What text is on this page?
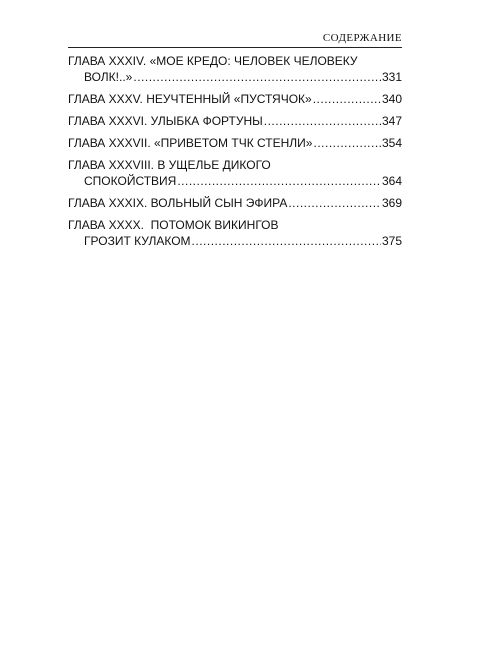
СОДЕРЖАНИЕ
ГЛАВА XXXIV. «МОЕ КРЕДО: ЧЕЛОВЕК ЧЕЛОВЕКУ
ВОЛК!..» .....	331
ГЛАВА XXXV. НЕУЧТЕННЫЙ «ПУСТЯЧОК» .....	340
ГЛАВА XXXVI. УЛЫБКА ФОРТУНЫ .....	347
ГЛАВА XXXVII. «ПРИВЕТОМ ТЧК СТЕНЛИ» .....	354
ГЛАВА XXXVIII. В УЩЕЛЬЕ ДИКОГО
СПОКОЙСТВИЯ .....	364
ГЛАВА XXXIX. ВОЛЬНЫЙ СЫН ЭФИРА .....	369
ГЛАВА XXXX.  ПОТОМОК ВИКИНГОВ
ГРОЗИТ КУЛАКОМ .....	375
